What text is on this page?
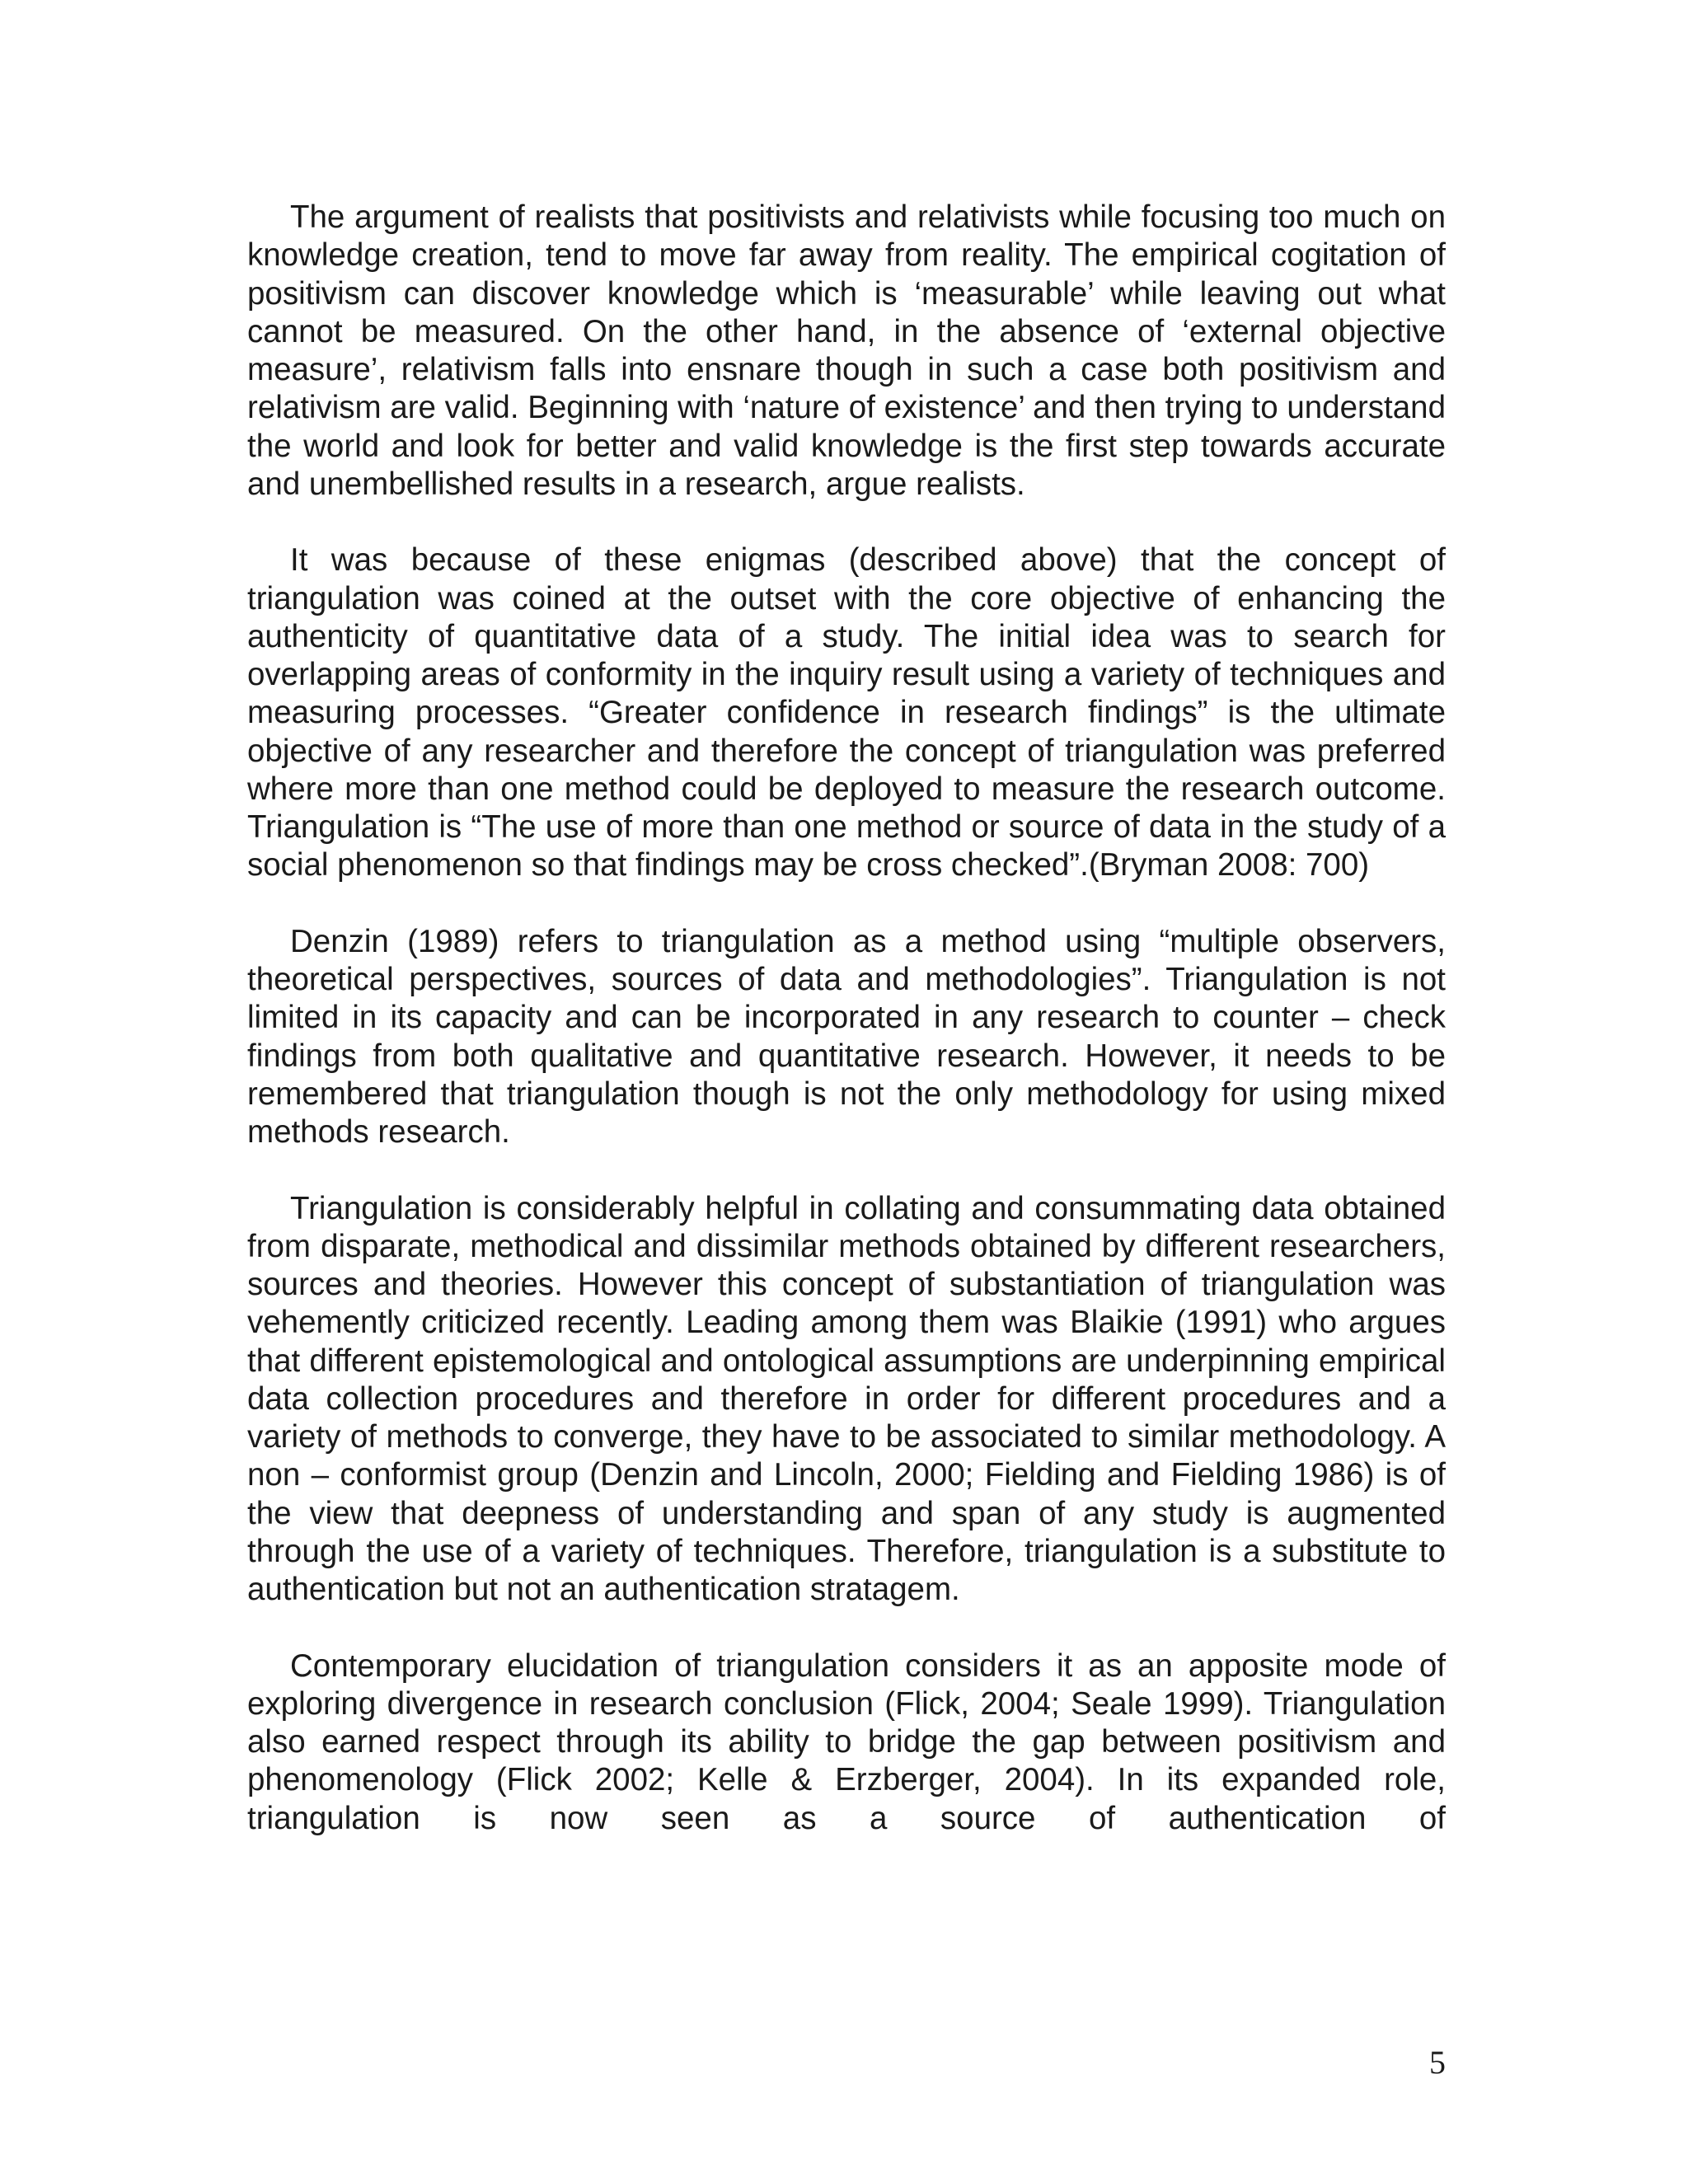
The argument of realists that positivists and relativists while focusing too much on knowledge creation, tend to move far away from reality. The empirical cogitation of positivism can discover knowledge which is ‘measurable’ while leaving out what cannot be measured. On the other hand, in the absence of ‘external objective measure’, relativism falls into ensnare though in such a case both positivism and relativism are valid. Beginning with ‘nature of existence’ and then trying to understand the world and look for better and valid knowledge is the first step towards accurate and unembellished results in a research, argue realists.

It was because of these enigmas (described above) that the concept of triangulation was coined at the outset with the core objective of enhancing the authenticity of quantitative data of a study. The initial idea was to search for overlapping areas of conformity in the inquiry result using a variety of techniques and measuring processes. “Greater confidence in research findings” is the ultimate objective of any researcher and therefore the concept of triangulation was preferred where more than one method could be deployed to measure the research outcome. Triangulation is “The use of more than one method or source of data in the study of a social phenomenon so that findings may be cross checked”.(Bryman 2008: 700)

Denzin (1989) refers to triangulation as a method using “multiple observers, theoretical perspectives, sources of data and methodologies”. Triangulation is not limited in its capacity and can be incorporated in any research to counter – check findings from both qualitative and quantitative research. However, it needs to be remembered that triangulation though is not the only methodology for using mixed methods research.

Triangulation is considerably helpful in collating and consummating data obtained from disparate, methodical and dissimilar methods obtained by different researchers, sources and theories. However this concept of substantiation of triangulation was vehemently criticized recently. Leading among them was Blaikie (1991) who argues that different epistemological and ontological assumptions are underpinning empirical data collection procedures and therefore in order for different procedures and a variety of methods to converge, they have to be associated to similar methodology. A non – conformist group (Denzin and Lincoln, 2000; Fielding and Fielding 1986) is of the view that deepness of understanding and span of any study is augmented through the use of a variety of techniques. Therefore, triangulation is a substitute to authentication but not an authentication stratagem.

Contemporary elucidation of triangulation considers it as an apposite mode of exploring divergence in research conclusion (Flick, 2004; Seale 1999). Triangulation also earned respect through its ability to bridge the gap between positivism and phenomenology (Flick 2002; Kelle & Erzberger, 2004). In its expanded role, triangulation is now seen as a source of authentication of

5
